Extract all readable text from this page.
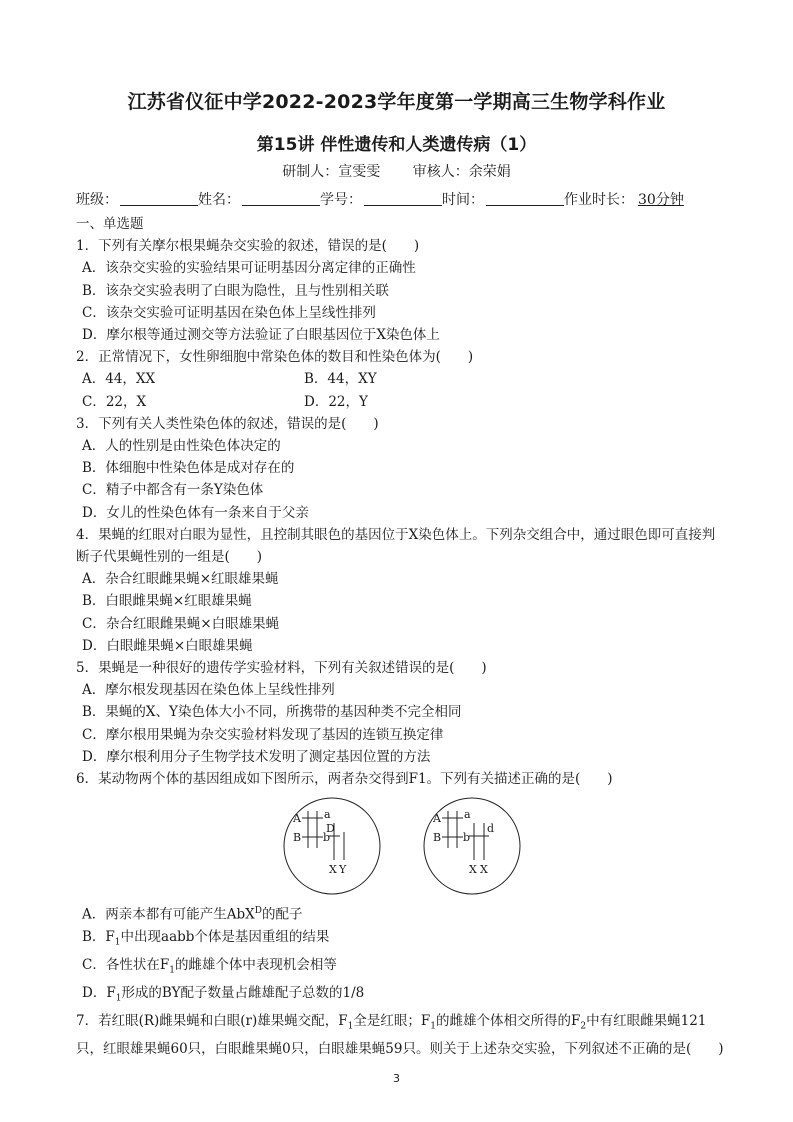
江苏省仪征中学2022-2023学年度第一学期高三生物学科作业
第15讲 伴性遗传和人类遗传病（1）
研制人：宣雯雯 审核人：余荣娟
班级：	姓名：	学号：	时间：	作业时长： 30分钟
一、单选题
1．下列有关摩尔根果蝇杂交实验的叙述，错误的是(　　)
A．该杂交实验的实验结果可证明基因分离定律的正确性
B．该杂交实验表明了白眼为隐性，且与性别相关联
C．该杂交实验可证明基因在染色体上呈线性排列
D．摩尔根等通过测交等方法验证了白眼基因位于X染色体上
2．正常情况下，女性卵细胞中常染色体的数目和性染色体为(　　)
A．44，XX	B．44，XY
C．22，X	D．22，Y
3．下列有关人类性染色体的叙述，错误的是(　　)
A．人的性别是由性染色体决定的
B．体细胞中性染色体是成对存在的
C．精子中都含有一条Y染色体
D．女儿的性染色体有一条来自于父亲
4．果蝇的红眼对白眼为显性，且控制其眼色的基因位于X染色体上。下列杂交组合中，通过眼色即可直接判断子代果蝇性别的一组是(　　)
A．杂合红眼雌果蝇×红眼雄果蝇
B．白眼雌果蝇×红眼雄果蝇
C．杂合红眼雌果蝇×白眼雄果蝇
D．白眼雌果蝇×白眼雄果蝇
5．果蝇是一种很好的遗传学实验材料，下列有关叙述错误的是(　　)
A．摩尔根发现基因在染色体上呈线性排列
B．果蝇的X、Y染色体大小不同，所携带的基因种类不完全相同
C．摩尔根用果蝇为杂交实验材料发现了基因的连锁互换定律
D．摩尔根利用分子生物学技术发明了测定基因位置的方法
6．某动物两个体的基因组成如下图所示，两者杂交得到F1。下列有关描述正确的是(　　)
A a
B b
D
X Y
A a
B b
d
X X
A．两亲本都有可能产生AbX$^D$的配子
B．$F_1$中出现aabb个体是基因重组的结果
C．各性状在$F_1$的雌雄个体中表现机会相等
D．$F_1$形成的BY配子数量占雌雄配子总数的1/8
7．若红眼(R)雌果蝇和白眼(r)雄果蝇交配，$F_1$全是红眼；$F_1$的雌雄个体相交所得的$F_2$中有红眼雌果蝇121只，红眼雄果蝇60只，白眼雌果蝇0只，白眼雄果蝇59只。则关于上述杂交实验，下列叙述不正确的是(　　)
3
